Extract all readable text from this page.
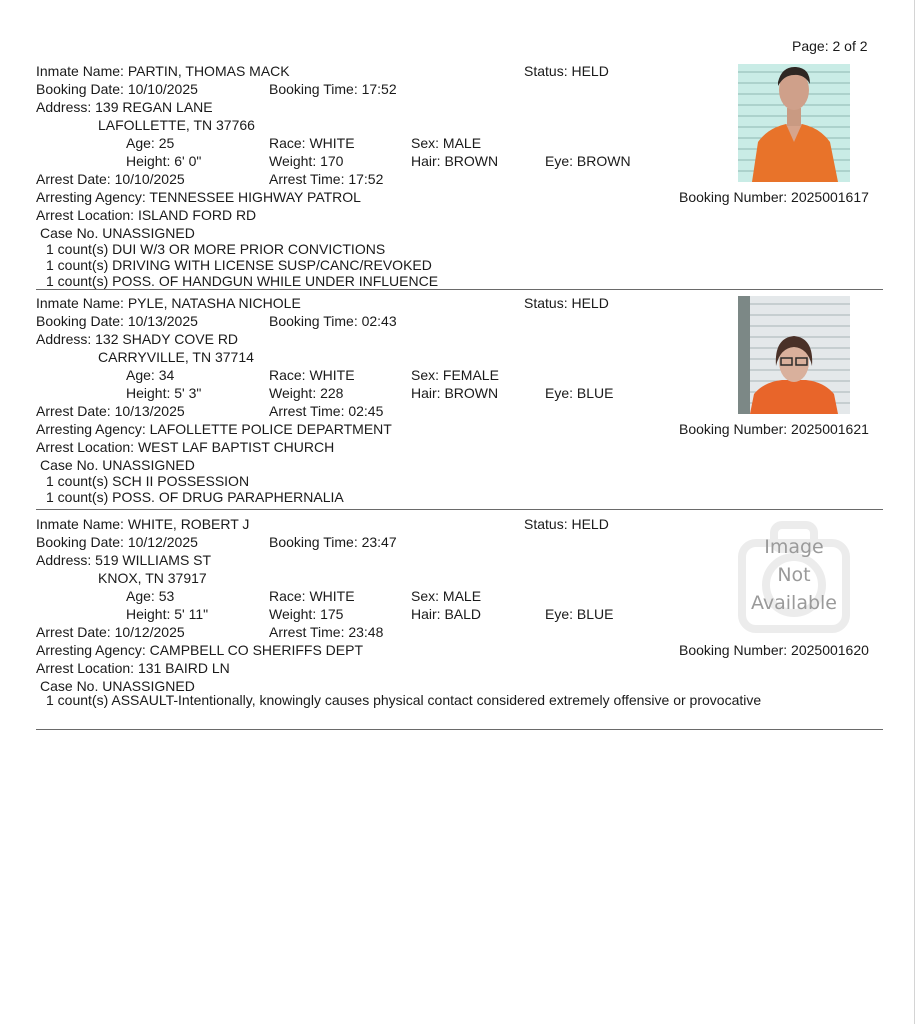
Page: 2 of 2
Inmate Name: PARTIN, THOMAS MACK	Status: HELD
Booking Date: 10/10/2025	Booking Time: 17:52
Address: 139 REGAN LANE
LAFOLLETTE, TN 37766
Age: 25	Race: WHITE	Sex: MALE
Height: 6' 0"	Weight: 170	Hair: BROWN	Eye: BROWN
Arrest Date: 10/10/2025	Arrest Time: 17:52
Arresting Agency: TENNESSEE HIGHWAY PATROL	Booking Number: 2025001617
Arrest Location: ISLAND FORD RD
Case No. UNASSIGNED
1 count(s) DUI W/3 OR MORE PRIOR CONVICTIONS
1 count(s) DRIVING WITH LICENSE SUSP/CANC/REVOKED
1 count(s) POSS. OF HANDGUN WHILE UNDER INFLUENCE
Inmate Name: PYLE, NATASHA NICHOLE	Status: HELD
Booking Date: 10/13/2025	Booking Time: 02:43
Address: 132 SHADY COVE RD
CARRYVILLE, TN 37714
Age: 34	Race: WHITE	Sex: FEMALE
Height: 5' 3"	Weight: 228	Hair: BROWN	Eye: BLUE
Arrest Date: 10/13/2025	Arrest Time: 02:45
Arresting Agency: LAFOLLETTE POLICE DEPARTMENT	Booking Number: 2025001621
Arrest Location: WEST LAF BAPTIST CHURCH
Case No. UNASSIGNED
1 count(s) SCH II POSSESSION
1 count(s) POSS. OF DRUG PARAPHERNALIA
Inmate Name: WHITE, ROBERT J	Status: HELD
Booking Date: 10/12/2025	Booking Time: 23:47
Address: 519 WILLIAMS ST
KNOX, TN 37917
Age: 53	Race: WHITE	Sex: MALE
Height: 5' 11"	Weight: 175	Hair: BALD	Eye: BLUE
Arrest Date: 10/12/2025	Arrest Time: 23:48
Arresting Agency: CAMPBELL CO SHERIFFS DEPT	Booking Number: 2025001620
Arrest Location: 131 BAIRD LN
Case No. UNASSIGNED
1 count(s) ASSAULT-Intentionally, knowingly causes physical contact considered extremely offensive or provocative
Image
Not
Available
